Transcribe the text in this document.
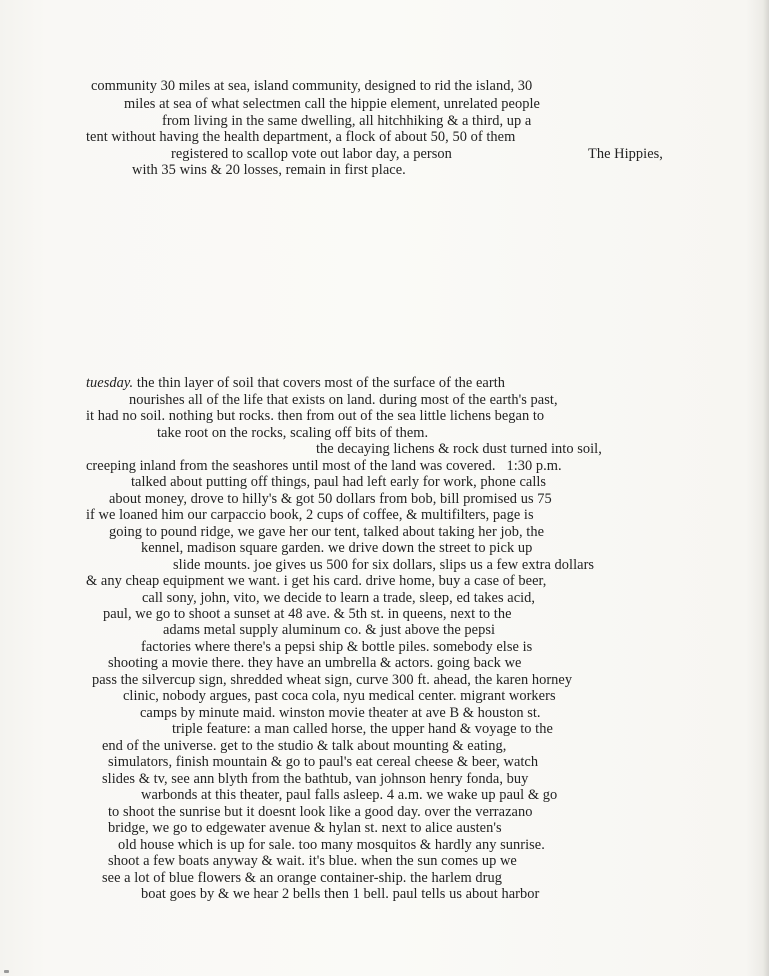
community 30 miles at sea, island community, designed to rid the island, 30
miles at sea of what selectmen call the hippie element, unrelated people
from living in the same dwelling, all hitchhiking & a third, up a
tent without having the health department, a flock of about 50, 50 of them
registered to scallop vote out labor day, a person	The Hippies,
with 35 wins & 20 losses, remain in first place.
tuesday. the thin layer of soil that covers most of the surface of the earth
nourishes all of the life that exists on land. during most of the earth's past,
it had no soil. nothing but rocks. then from out of the sea little lichens began to
take root on the rocks, scaling off bits of them.
the decaying lichens & rock dust turned into soil,
creeping inland from the seashores until most of the land was covered.   1:30 p.m.
talked about putting off things, paul had left early for work, phone calls
about money, drove to hilly's & got 50 dollars from bob, bill promised us 75
if we loaned him our carpaccio book, 2 cups of coffee, & multifilters, page is
going to pound ridge, we gave her our tent, talked about taking her job, the
kennel, madison square garden. we drive down the street to pick up
slide mounts. joe gives us 500 for six dollars, slips us a few extra dollars
& any cheap equipment we want. i get his card. drive home, buy a case of beer,
call sony, john, vito, we decide to learn a trade, sleep, ed takes acid,
paul, we go to shoot a sunset at 48 ave. & 5th st. in queens, next to the
adams metal supply aluminum co. & just above the pepsi
factories where there's a pepsi ship & bottle piles. somebody else is
shooting a movie there. they have an umbrella & actors. going back we
pass the silvercup sign, shredded wheat sign, curve 300 ft. ahead, the karen horney
clinic, nobody argues, past coca cola, nyu medical center. migrant workers
camps by minute maid. winston movie theater at ave B & houston st.
triple feature: a man called horse, the upper hand & voyage to the
end of the universe. get to the studio & talk about mounting & eating,
simulators, finish mountain & go to paul's eat cereal cheese & beer, watch
slides & tv, see ann blyth from the bathtub, van johnson henry fonda, buy
warbonds at this theater, paul falls asleep. 4 a.m. we wake up paul & go
to shoot the sunrise but it doesnt look like a good day. over the verrazano
bridge, we go to edgewater avenue & hylan st. next to alice austen's
old house which is up for sale. too many mosquitos & hardly any sunrise.
shoot a few boats anyway & wait. it's blue. when the sun comes up we
see a lot of blue flowers & an orange container-ship. the harlem drug
boat goes by & we hear 2 bells then 1 bell. paul tells us about harbor
